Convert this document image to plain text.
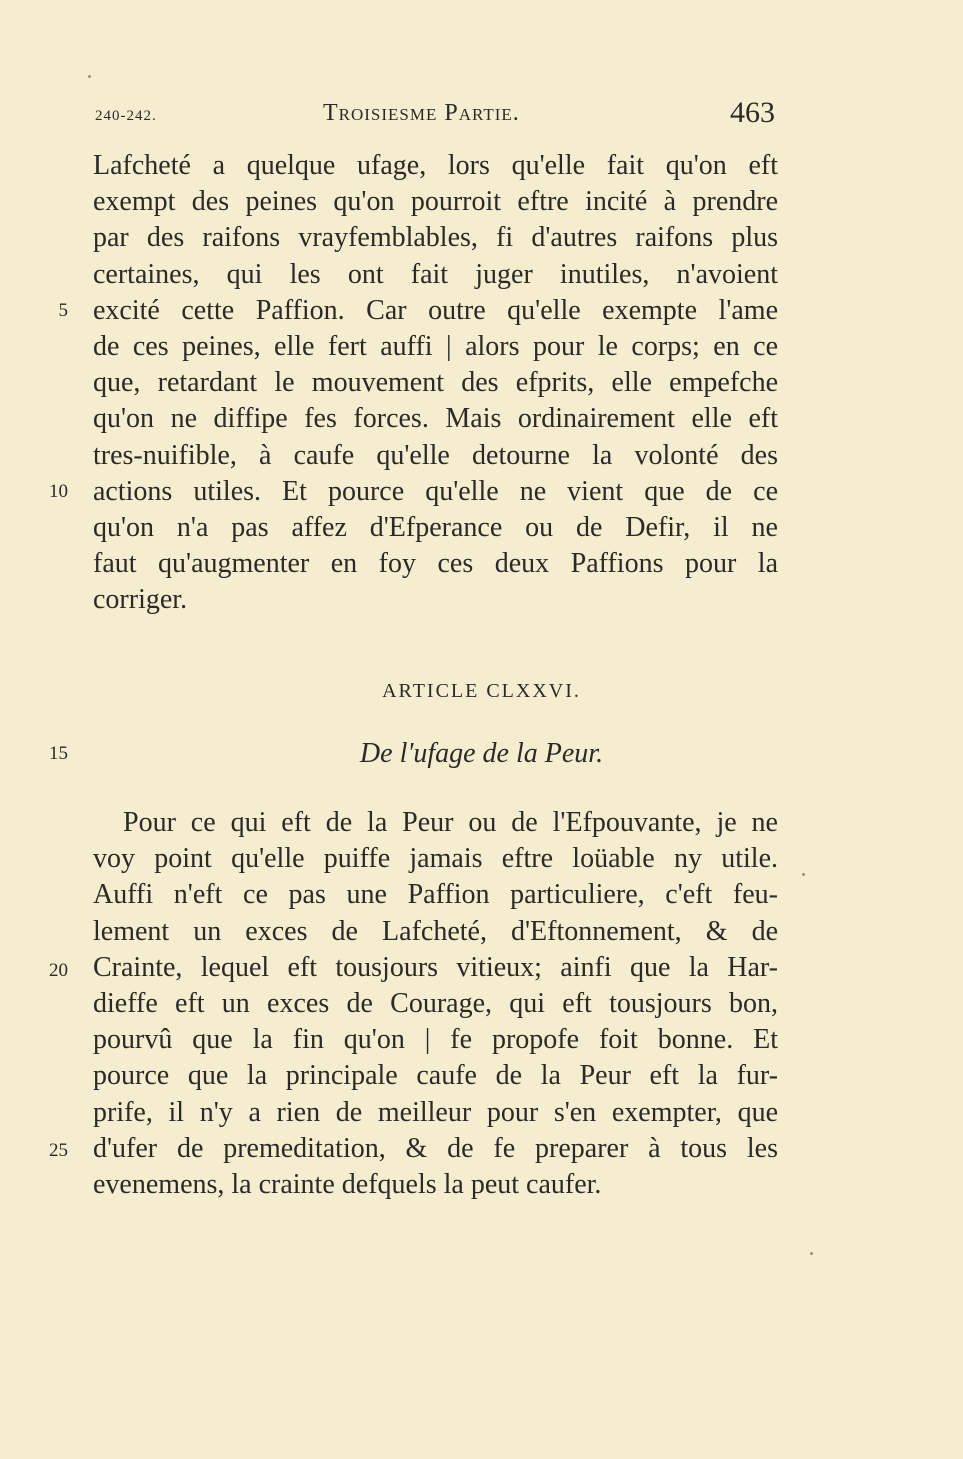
240-242.	Troisiesme Partie.	463
Lafcheté a quelque ufage, lors qu'elle fait qu'on eft
exempt des peines qu'on pourroit eftre incité à prendre
par des raifons vrayfemblables, fi d'autres raifons plus
certaines, qui les ont fait juger inutiles, n'avoient
excité cette Paffion. Car outre qu'elle exempte l'ame
de ces peines, elle fert auffi | alors pour le corps; en ce
que, retardant le mouvement des efprits, elle empefche
qu'on ne diffipe fes forces. Mais ordinairement elle eft
tres-nuifible, à caufe qu'elle detourne la volonté des
actions utiles. Et pource qu'elle ne vient que de ce
qu'on n'a pas affez d'Efperance ou de Defir, il ne
faut qu'augmenter en foy ces deux Paffions pour la
corriger.
ARTICLE CLXXVI.
De l'ufage de la Peur.
Pour ce qui eft de la Peur ou de l'Efpouvante, je ne
voy point qu'elle puiffe jamais eftre loüable ny utile.
Auffi n'eft ce pas une Paffion particuliere, c'eft feu-
lement un exces de Lafcheté, d'Eftonnement, & de
Crainte, lequel eft tousjours vitieux; ainfi que la Har-
dieffe eft un exces de Courage, qui eft tousjours bon,
pourvû que la fin qu'on | fe propofe foit bonne. Et
pource que la principale caufe de la Peur eft la fur-
prife, il n'y a rien de meilleur pour s'en exempter, que
d'ufer de premeditation, & de fe preparer à tous les
evenemens, la crainte defquels la peut caufer.
5
10
15
20
25
